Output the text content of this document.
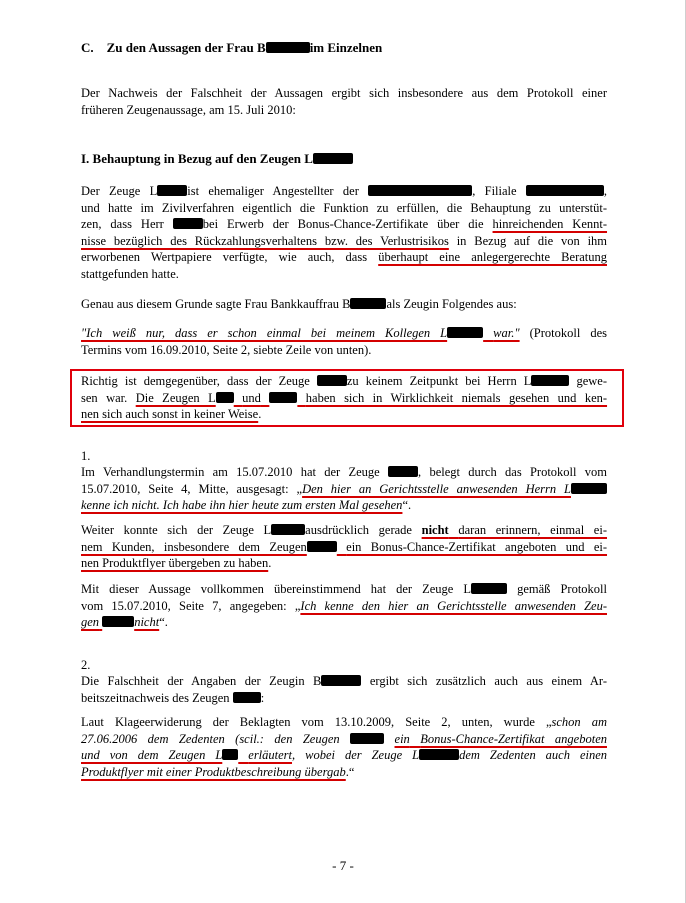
C. Zu den Aussagen der Frau B	im Einzelnen
Der Nachweis der Falschheit der Aussagen ergibt sich insbesondere aus dem Protokoll einer
früheren Zeugenaussage, am 15. Juli 2010:
I. Behauptung in Bezug auf den Zeugen L
Der Zeuge L ist ehemaliger Angestellter der	, Filiale	,
und hatte im Zivilverfahren eigentlich die Funktion zu erfüllen, die Behauptung zu unterstüt-
zen, dass Herr	bei Erwerb der Bonus-Chance-Zertifikate über die hinreichenden Kennt-
nisse bezüglich des Rückzahlungsverhaltens bzw. des Verlustrisikos in Bezug auf die von ihm
erworbenen Wertpapiere verfügte, wie auch, dass überhaupt eine anlegergerechte Beratung
stattgefunden hatte.
Genau aus diesem Grunde sagte Frau Bankkauffrau B	als Zeugin Folgendes aus:
"Ich weiß nur, dass er schon einmal bei meinem Kollegen L	war." (Protokoll des
Termins vom 16.09.2010, Seite 2, siebte Zeile von unten).
Richtig ist demgegenüber, dass der Zeuge	zu keinem Zeitpunkt bei Herrn L	gewe-
sen war. Die Zeugen L und	haben sich in Wirklichkeit niemals gesehen und ken-
nen sich auch sonst in keiner Weise.
1.
Im Verhandlungstermin am 15.07.2010 hat der Zeuge	, belegt durch das Protokoll vom
15.07.2010, Seite 4, Mitte, ausgesagt: „Den hier an Gerichtsstelle anwesenden Herrn L
kenne ich nicht. Ich habe ihn hier heute zum ersten Mal gesehen“.
Weiter konnte sich der Zeuge L	ausdrücklich gerade nicht daran erinnern, einmal ei-
nem Kunden, insbesondere dem Zeugen	ein Bonus-Chance-Zertifikat angeboten und ei-
nen Produktflyer übergeben zu haben.
Mit dieser Aussage vollkommen übereinstimmend hat der Zeuge L	gemäß Protokoll
vom 15.07.2010, Seite 7, angegeben: „Ich kenne den hier an Gerichtsstelle anwesenden Zeu-
gen	nicht“.
2.
Die Falschheit der Angaben der Zeugin B	ergibt sich zusätzlich auch aus einem Ar-
beitszeitnachweis des Zeugen :
Laut Klageerwiderung der Beklagten vom 13.10.2009, Seite 2, unten, wurde „schon am
27.06.2006 dem Zedenten (scil.: den Zeugen	ein Bonus-Chance-Zertifikat angeboten
und von dem Zeugen L erläutert, wobei der Zeuge L	dem Zedenten auch einen
Produktflyer mit einer Produktbeschreibung übergab.“
- 7 -
